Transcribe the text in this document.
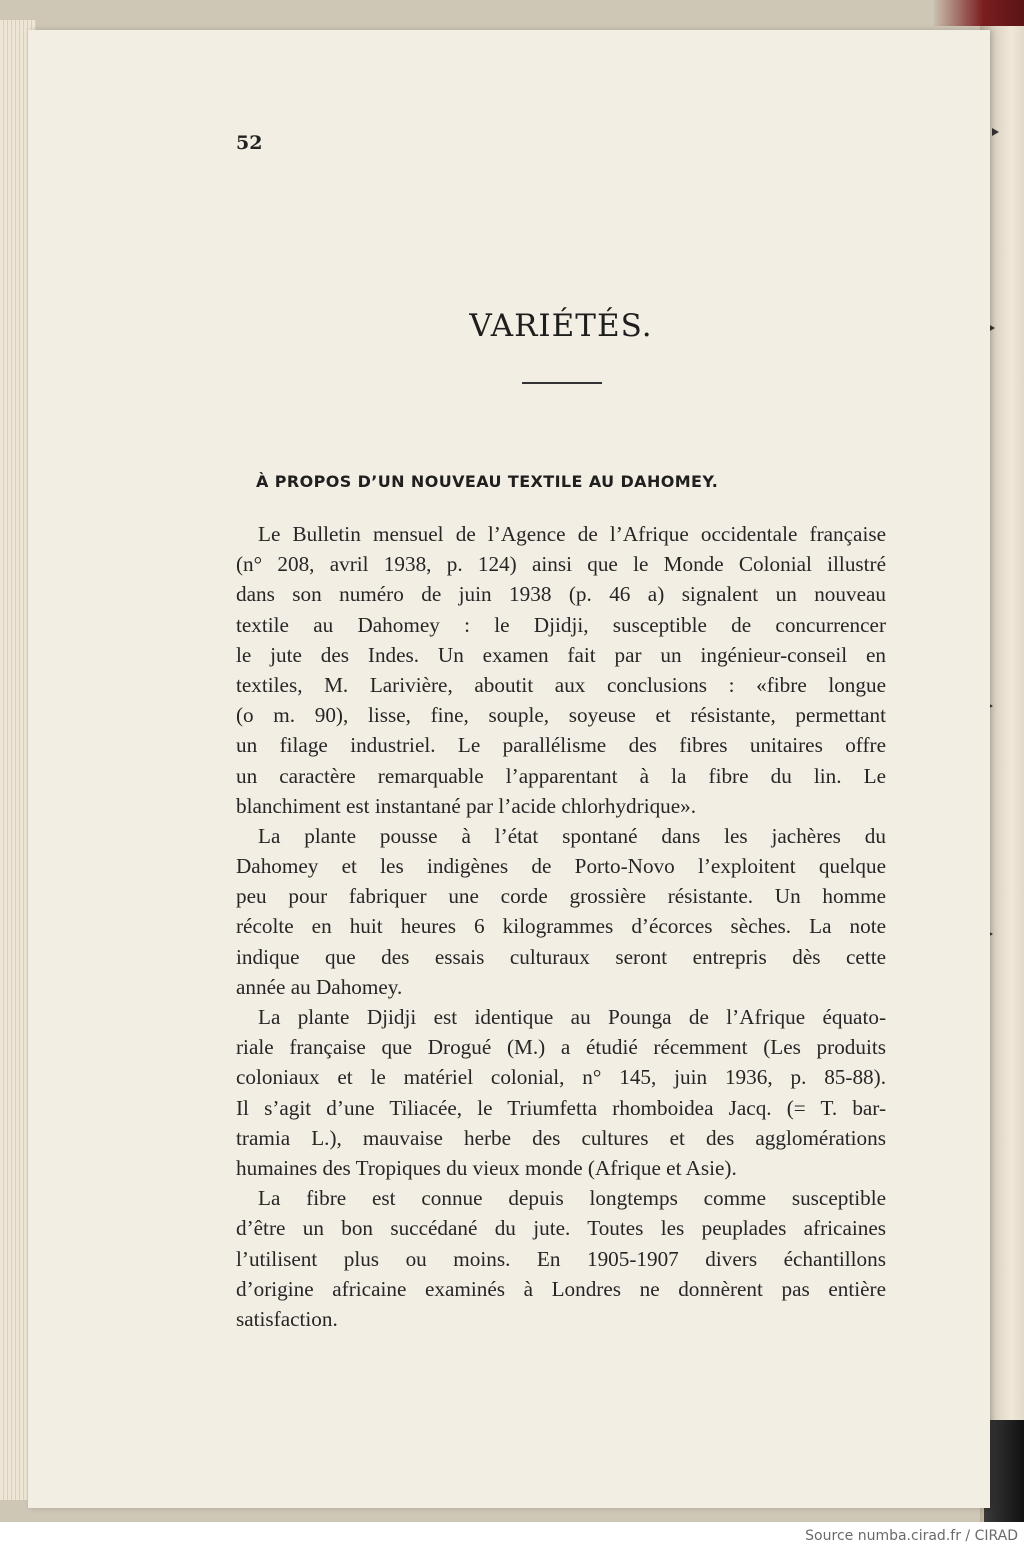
52
VARIÉTÉS.
À PROPOS D’UN NOUVEAU TEXTILE AU DAHOMEY.
Le Bulletin mensuel de l’Agence de l’Afrique occidentale française
(n° 208, avril 1938, p. 124) ainsi que le Monde Colonial illustré
dans son numéro de juin 1938 (p. 46 a) signalent un nouveau
textile au Dahomey : le Djidji, susceptible de concurrencer
le jute des Indes. Un examen fait par un ingénieur-conseil en
textiles, M. Larivière, aboutit aux conclusions : «fibre longue
(o m. 90), lisse, fine, souple, soyeuse et résistante, permettant
un filage industriel. Le parallélisme des fibres unitaires offre
un caractère remarquable l’apparentant à la fibre du lin. Le
blanchiment est instantané par l’acide chlorhydrique».
La plante pousse à l’état spontané dans les jachères du
Dahomey et les indigènes de Porto-Novo l’exploitent quelque
peu pour fabriquer une corde grossière résistante. Un homme
récolte en huit heures 6 kilogrammes d’écorces sèches. La note
indique que des essais culturaux seront entrepris dès cette
année au Dahomey.
La plante Djidji est identique au Pounga de l’Afrique équato-
riale française que Drogué (M.) a étudié récemment (Les produits
coloniaux et le matériel colonial, n° 145, juin 1936, p. 85-88).
Il s’agit d’une Tiliacée, le Triumfetta rhomboidea Jacq. (= T. bar-
tramia L.), mauvaise herbe des cultures et des agglomérations
humaines des Tropiques du vieux monde (Afrique et Asie).
La fibre est connue depuis longtemps comme susceptible
d’être un bon succédané du jute. Toutes les peuplades africaines
l’utilisent plus ou moins. En 1905-1907 divers échantillons
d’origine africaine examinés à Londres ne donnèrent pas entière
satisfaction.
Source numba.cirad.fr / CIRAD
